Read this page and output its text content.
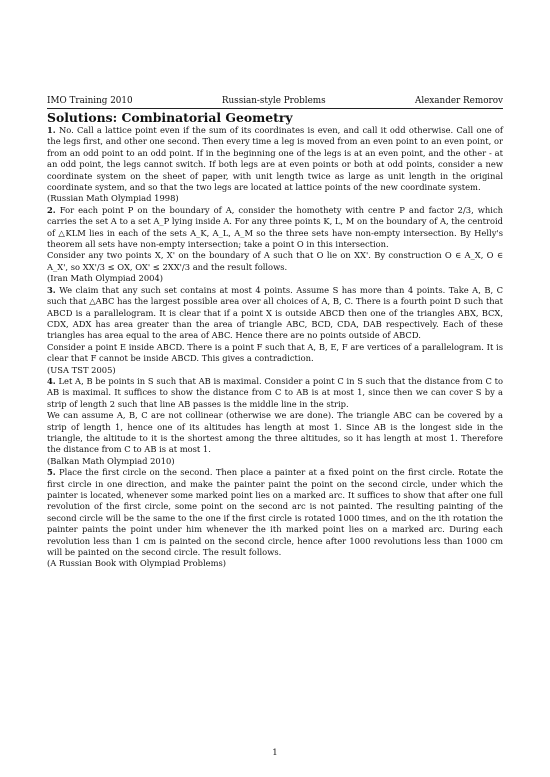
IMO Training 2010	Russian-style Problems	Alexander Remorov
Solutions: Combinatorial Geometry

1. No. Call a lattice point even if the sum of its coordinates is even, and call it odd otherwise. Call one of the legs first, and other one second. Then every time a leg is moved from an even point to an even point, or from an odd point to an odd point. If in the beginning one of the legs is at an even point, and the other - at an odd point, the legs cannot switch. If both legs are at even points or both at odd points, consider a new coordinate system on the sheet of paper, with unit length twice as large as unit length in the original coordinate system, and so that the two legs are located at lattice points of the new coordinate system.

(Russian Math Olympiad 1998)

2. For each point P on the boundary of A, consider the homothety with centre P and factor 2/3, which carries the set A to a set A_P lying inside A. For any three points K, L, M on the boundary of A, the centroid of △KLM lies in each of the sets A_K, A_L, A_M so the three sets have non-empty intersection. By Helly's theorem all sets have non-empty intersection; take a point O in this intersection.

Consider any two points X, X' on the boundary of A such that O lie on XX'. By construction O ∈ A_X, O ∈ A_X', so XX'/3 ≤ OX, OX' ≤ 2XX'/3 and the result follows.

(Iran Math Olympiad 2004)

3. We claim that any such set contains at most 4 points. Assume S has more than 4 points. Take A, B, C such that △ABC has the largest possible area over all choices of A, B, C. There is a fourth point D such that ABCD is a parallelogram. It is clear that if a point X is outside ABCD then one of the triangles ABX, BCX, CDX, ADX has area greater than the area of triangle ABC, BCD, CDA, DAB respectively. Each of these triangles has area equal to the area of ABC. Hence there are no points outside of ABCD.

Consider a point E inside ABCD. There is a point F such that A, B, E, F are vertices of a parallelogram. It is clear that F cannot be inside ABCD. This gives a contradiction.

(USA TST 2005)

4. Let A, B be points in S such that AB is maximal. Consider a point C in S such that the distance from C to AB is maximal. It suffices to show the distance from C to AB is at most 1, since then we can cover S by a strip of length 2 such that line AB passes is the middle line in the strip.

We can assume A, B, C are not collinear (otherwise we are done). The triangle ABC can be covered by a strip of length 1, hence one of its altitudes has length at most 1. Since AB is the longest side in the triangle, the altitude to it is the shortest among the three altitudes, so it has length at most 1. Therefore the distance from C to AB is at most 1.

(Balkan Math Olympiad 2010)

5. Place the first circle on the second. Then place a painter at a fixed point on the first circle. Rotate the first circle in one direction, and make the painter paint the point on the second circle, under which the painter is located, whenever some marked point lies on a marked arc. It suffices to show that after one full revolution of the first circle, some point on the second arc is not painted. The resulting painting of the second circle will be the same to the one if the first circle is rotated 1000 times, and on the ith rotation the painter paints the point under him whenever the ith marked point lies on a marked arc. During each revolution less than 1 cm is painted on the second circle, hence after 1000 revolutions less than 1000 cm will be painted on the second circle. The result follows.

(A Russian Book with Olympiad Problems)

1
